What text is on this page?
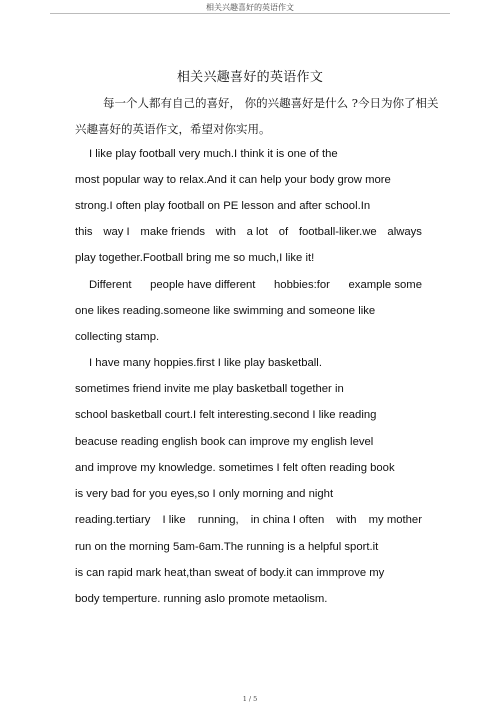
相关兴趣喜好的英语作文
相关兴趣喜好的英语作文
每一个人都有自己的喜好， 你的兴趣喜好是什么 ?今日为你了相关
兴趣喜好的英语作文，希望对你实用。
I like play football very much.I think it is one of the
most popular way to relax.And it can help your body grow more
strong.I often play football on PE lesson and after school.In
this way I make friends with a lot of football-liker.we always
play together.Football bring me so much,I like it!
Different people have different hobbies:for example some
one likes reading.someone like swimming and someone like
collecting stamp.
I have many hoppies.first I like play basketball.
sometimes friend invite me play basketball together in
school basketball court.I felt interesting.second I like reading
beacuse reading english book can improve my english level
and improve my knowledge. sometimes I felt often reading book
is very bad for you eyes,so I only morning and night
reading.tertiary I like running, in china I often with my mother
run on the morning 5am-6am.The running is a helpful sport.it
is can rapid mark heat,than sweat of body.it can immprove my
body temperture. running aslo promote metaolism.
1 / 5
